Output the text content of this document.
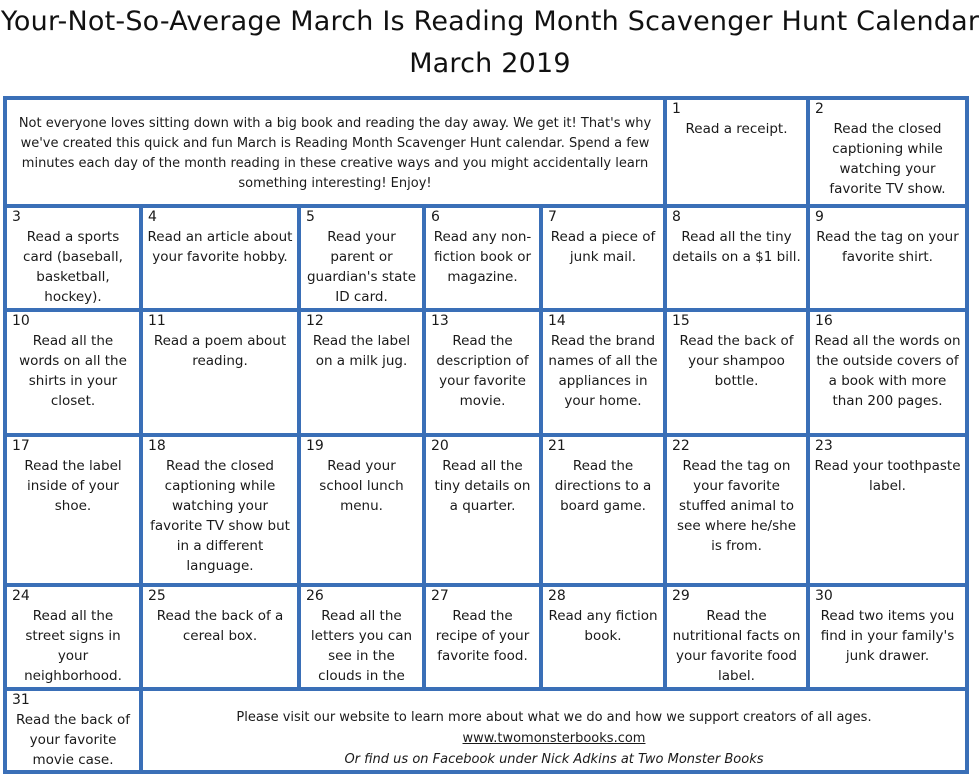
Your-Not-So-Average March Is Reading Month Scavenger Hunt Calendar
March 2019
Not everyone loves sitting down with a big book and reading the day away. We get it! That's why we've created this quick and fun March is Reading Month Scavenger Hunt calendar. Spend a few minutes each day of the month reading in these creative ways and you might accidentally learn something interesting! Enjoy!
1
Read a receipt.
2
Read the closed captioning while watching your favorite TV show.
3
Read a sports card (baseball, basketball, hockey).
4
Read an article about your favorite hobby.
5
Read your parent or guardian's state ID card.
6
Read any non-fiction book or magazine.
7
Read a piece of junk mail.
8
Read all the tiny details on a $1 bill.
9
Read the tag on your favorite shirt.
10
Read all the words on all the shirts in your closet.
11
Read a poem about reading.
12
Read the label on a milk jug.
13
Read the description of your favorite movie.
14
Read the brand names of all the appliances in your home.
15
Read the back of your shampoo bottle.
16
Read all the words on the outside covers of a book with more than 200 pages.
17
Read the label inside of your shoe.
18
Read the closed captioning while watching your favorite TV show but in a different language.
19
Read your school lunch menu.
20
Read all the tiny details on a quarter.
21
Read the directions to a board game.
22
Read the tag on your favorite stuffed animal to see where he/she is from.
23
Read your toothpaste label.
24
Read all the street signs in your neighborhood.
25
Read the back of a cereal box.
26
Read all the letters you can see in the clouds in the
27
Read the recipe of your favorite food.
28
Read any fiction book.
29
Read the nutritional facts on your favorite food label.
30
Read two items you find in your family's junk drawer.
31
Read the back of your favorite movie case.
Please visit our website to learn more about what we do and how we support creators of all ages.
www.twomonsterbooks.com
Or find us on Facebook under Nick Adkins at Two Monster Books
